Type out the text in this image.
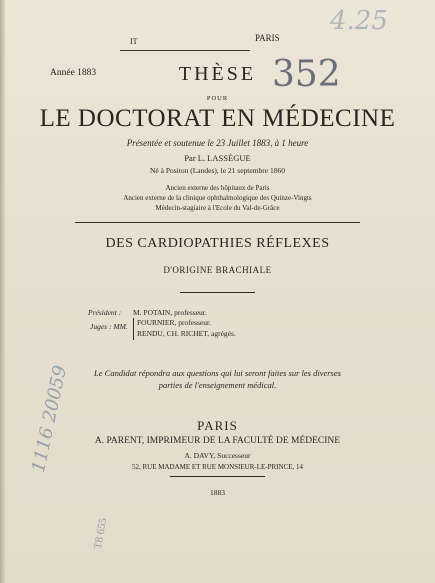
IT	PARIS
Année 1883	352
4.25
THÈSE
POUR
LE DOCTORAT EN MÉDECINE
Présentée et soutenue le 23 Juillet 1883, à 1 heure
Par L. LASSÈGUE
Né à Positon (Landes), le 21 septembre 1860
Ancien externe des hôpitaux de Paris
Ancien externe de la clinique ophthalmologique des Quinze-Vingts
Médecin-stagiaire à l'Ecole du Val-de-Grâce
DES CARDIOPATHIES RÉFLEXES
D'ORIGINE BRACHIALE
Président : M. POTAIN, professeur.
Juges : MM. FOURNIER, professeur.
RENDU, CH. RICHET, agrégés.
Le Candidat répondra aux questions qui lui seront faites sur les diverses
parties de l'enseignement médical.
PARIS
A. PARENT, IMPRIMEUR DE LA FACULTÉ DE MÉDECINE
A. DAVY, Successeur
52, RUE MADAME ET RUE MONSIEUR-LE-PRINCE, 14
1883
1116 20059
T8 655
